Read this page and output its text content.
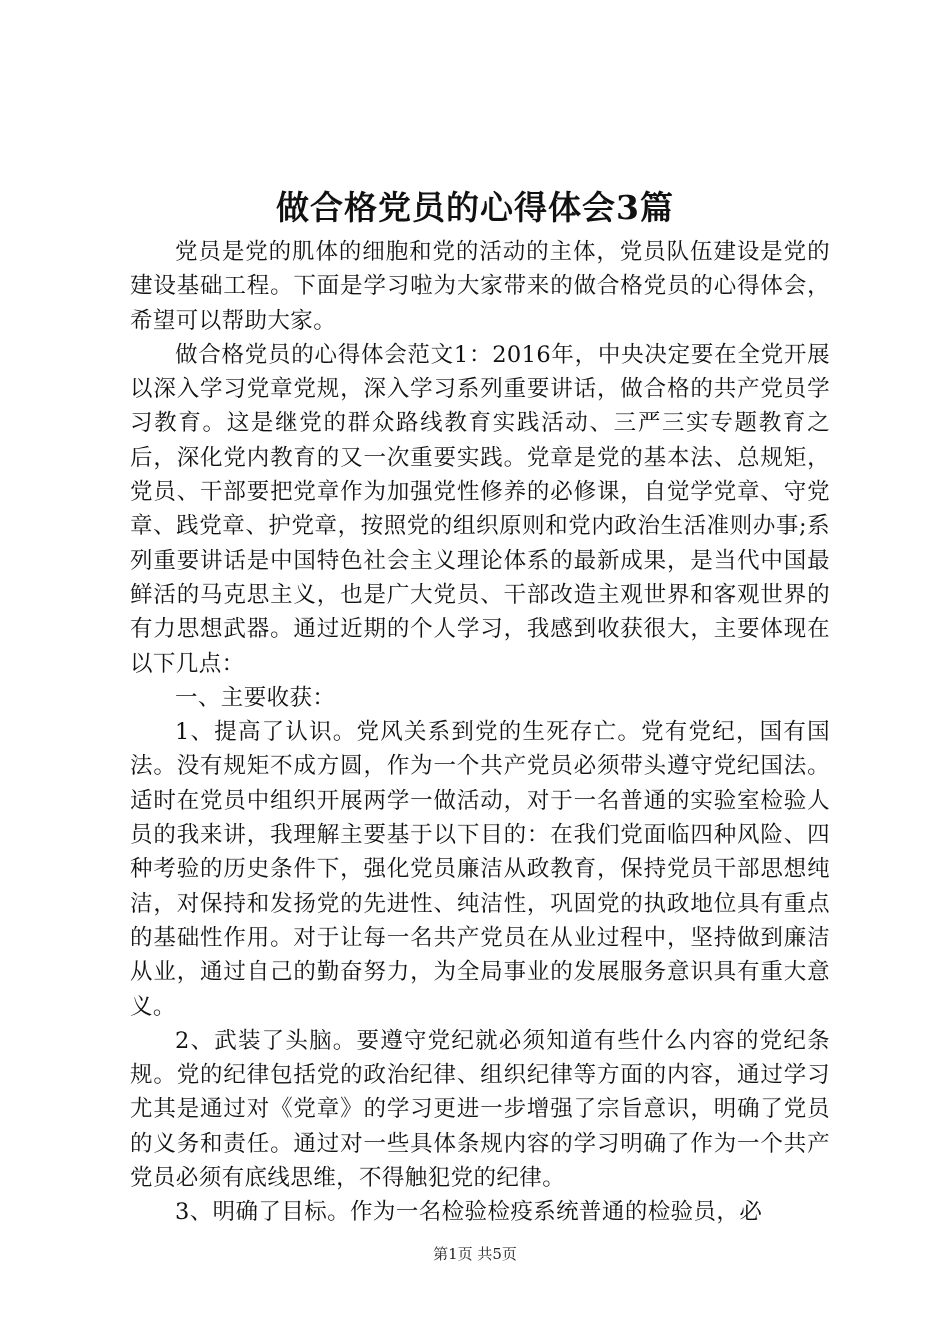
做合格党员的心得体会3篇

党员是党的肌体的细胞和党的活动的主体，党员队伍建设是党的建设基础工程。下面是学习啦为大家带来的做合格党员的心得体会，希望可以帮助大家。

做合格党员的心得体会范文1：2016年，中央决定要在全党开展以深入学习党章党规，深入学习系列重要讲话，做合格的共产党员学习教育。这是继党的群众路线教育实践活动、三严三实专题教育之后，深化党内教育的又一次重要实践。党章是党的基本法、总规矩，党员、干部要把党章作为加强党性修养的必修课，自觉学党章、守党章、践党章、护党章，按照党的组织原则和党内政治生活准则办事;系列重要讲话是中国特色社会主义理论体系的最新成果，是当代中国最鲜活的马克思主义，也是广大党员、干部改造主观世界和客观世界的有力思想武器。通过近期的个人学习，我感到收获很大，主要体现在以下几点：

一、主要收获：

1、提高了认识。党风关系到党的生死存亡。党有党纪，国有国法。没有规矩不成方圆，作为一个共产党员必须带头遵守党纪国法。适时在党员中组织开展两学一做活动，对于一名普通的实验室检验人员的我来讲，我理解主要基于以下目的：在我们党面临四种风险、四种考验的历史条件下，强化党员廉洁从政教育，保持党员干部思想纯洁，对保持和发扬党的先进性、纯洁性，巩固党的执政地位具有重点的基础性作用。对于让每一名共产党员在从业过程中，坚持做到廉洁从业，通过自己的勤奋努力，为全局事业的发展服务意识具有重大意义。

2、武装了头脑。要遵守党纪就必须知道有些什么内容的党纪条规。党的纪律包括党的政治纪律、组织纪律等方面的内容，通过学习尤其是通过对《党章》的学习更进一步增强了宗旨意识，明确了党员的义务和责任。通过对一些具体条规内容的学习明确了作为一个共产党员必须有底线思维，不得触犯党的纪律。

3、明确了目标。作为一名检验检疫系统普通的检验员，必

第1页 共5页
